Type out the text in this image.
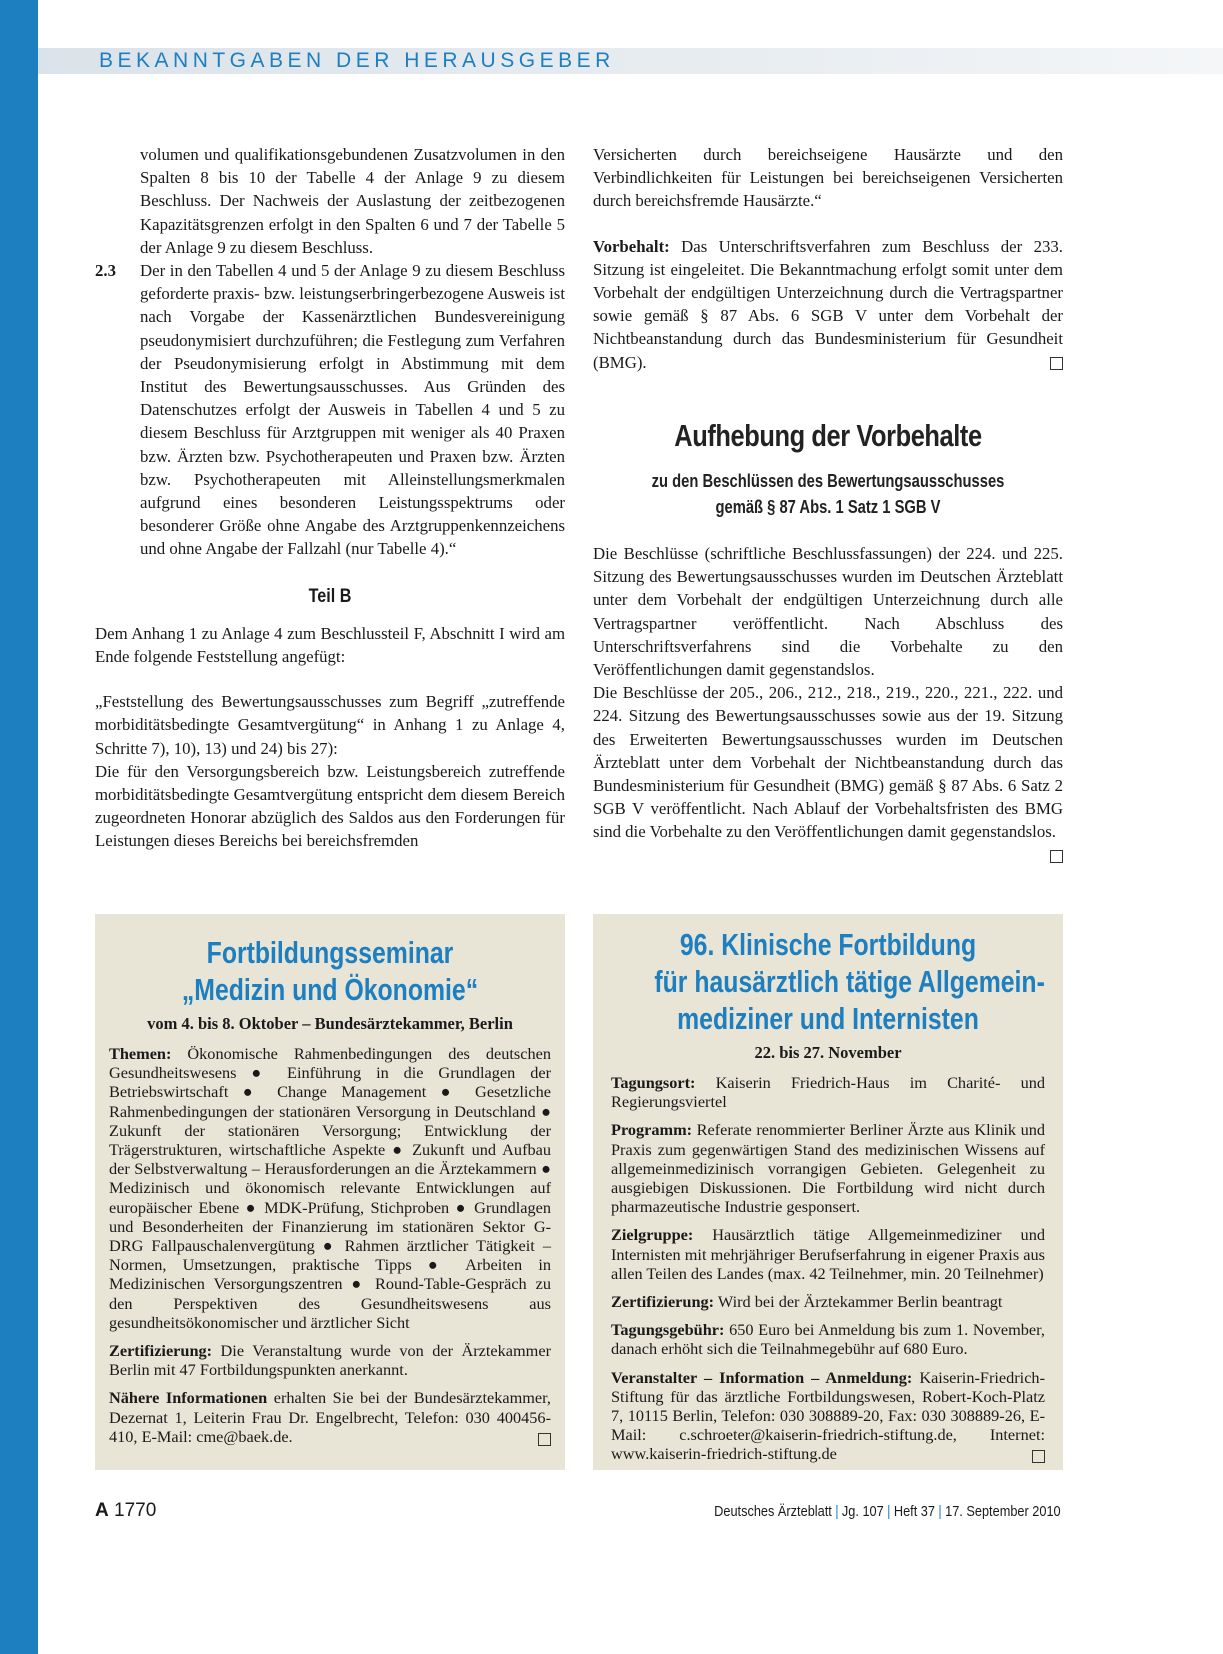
BEKANNTGABEN DER HERAUSGEBER

volumen und qualifikationsgebundenen Zusatzvolumen in den Spalten 8 bis 10 der Tabelle 4 der Anlage 9 zu diesem Beschluss. Der Nachweis der Auslastung der zeitbezogenen Kapazitätsgrenzen erfolgt in den Spalten 6 und 7 der Tabelle 5 der Anlage 9 zu diesem Beschluss.

2.3 Der in den Tabellen 4 und 5 der Anlage 9 zu diesem Beschluss geforderte praxis- bzw. leistungserbringerbezogene Ausweis ist nach Vorgabe der Kassenärztlichen Bundesvereinigung pseudonymisiert durchzuführen; die Festlegung zum Verfahren der Pseudonymisierung erfolgt in Abstimmung mit dem Institut des Bewertungsausschusses. Aus Gründen des Datenschutzes erfolgt der Ausweis in Tabellen 4 und 5 zu diesem Beschluss für Arztgruppen mit weniger als 40 Praxen bzw. Ärzten bzw. Psychotherapeuten und Praxen bzw. Ärzten bzw. Psychotherapeuten mit Alleinstellungsmerkmalen aufgrund eines besonderen Leistungsspektrums oder besonderer Größe ohne Angabe des Arztgruppenkennzeichens und ohne Angabe der Fallzahl (nur Tabelle 4).“

Teil B

Dem Anhang 1 zu Anlage 4 zum Beschlussteil F, Abschnitt I wird am Ende folgende Feststellung angefügt:

„Feststellung des Bewertungsausschusses zum Begriff „zutreffende morbiditätsbedingte Gesamtvergütung“ in Anhang 1 zu Anlage 4, Schritte 7), 10), 13) und 24) bis 27):

Die für den Versorgungsbereich bzw. Leistungsbereich zutreffende morbiditätsbedingte Gesamtvergütung entspricht dem diesem Bereich zugeordneten Honorar abzüglich des Saldos aus den Forderungen für Leistungen dieses Bereichs bei bereichsfremden

Versicherten durch bereichseigene Hausärzte und den Verbindlichkeiten für Leistungen bei bereichseigenen Versicherten durch bereichsfremde Hausärzte.“

Vorbehalt: Das Unterschriftsverfahren zum Beschluss der 233. Sitzung ist eingeleitet. Die Bekanntmachung erfolgt somit unter dem Vorbehalt der endgültigen Unterzeichnung durch die Vertragspartner sowie gemäß § 87 Abs. 6 SGB V unter dem Vorbehalt der Nichtbeanstandung durch das Bundesministerium für Gesundheit (BMG).

Aufhebung der Vorbehalte
zu den Beschlüssen des Bewertungsausschusses
gemäß § 87 Abs. 1 Satz 1 SGB V

Die Beschlüsse (schriftliche Beschlussfassungen) der 224. und 225. Sitzung des Bewertungsausschusses wurden im Deutschen Ärzteblatt unter dem Vorbehalt der endgültigen Unterzeichnung durch alle Vertragspartner veröffentlicht. Nach Abschluss des Unterschriftsverfahrens sind die Vorbehalte zu den Veröffentlichungen damit gegenstandslos.

Die Beschlüsse der 205., 206., 212., 218., 219., 220., 221., 222. und 224. Sitzung des Bewertungsausschusses sowie aus der 19. Sitzung des Erweiterten Bewertungsausschusses wurden im Deutschen Ärzteblatt unter dem Vorbehalt der Nichtbeanstandung durch das Bundesministerium für Gesundheit (BMG) gemäß § 87 Abs. 6 Satz 2 SGB V veröffentlicht. Nach Ablauf der Vorbehaltsfristen des BMG sind die Vorbehalte zu den Veröffentlichungen damit gegenstandslos.

Fortbildungsseminar
„Medizin und Ökonomie“
vom 4. bis 8. Oktober – Bundesärztekammer, Berlin

Themen: Ökonomische Rahmenbedingungen des deutschen Gesundheitswesens ● Einführung in die Grundlagen der Betriebswirtschaft ● Change Management ● Gesetzliche Rahmenbedingungen der stationären Versorgung in Deutschland ● Zukunft der stationären Versorgung; Entwicklung der Trägerstrukturen, wirtschaftliche Aspekte ● Zukunft und Aufbau der Selbstverwaltung – Herausforderungen an die Ärztekammern ● Medizinisch und ökonomisch relevante Entwicklungen auf europäischer Ebene ● MDK-Prüfung, Stichproben ● Grundlagen und Besonderheiten der Finanzierung im stationären Sektor G-DRG Fallpauschalenvergütung ● Rahmen ärztlicher Tätigkeit – Normen, Umsetzungen, praktische Tipps ● Arbeiten in Medizinischen Versorgungszentren ● Round-Table-Gespräch zu den Perspektiven des Gesundheitswesens aus gesundheitsökonomischer und ärztlicher Sicht

Zertifizierung: Die Veranstaltung wurde von der Ärztekammer Berlin mit 47 Fortbildungspunkten anerkannt.

Nähere Informationen erhalten Sie bei der Bundesärztekammer, Dezernat 1, Leiterin Frau Dr. Engelbrecht, Telefon: 030 400456-410, E-Mail: cme@baek.de.

96. Klinische Fortbildung
für hausärztlich tätige Allgemein-
mediziner und Internisten
22. bis 27. November

Tagungsort: Kaiserin Friedrich-Haus im Charité- und Regierungsviertel

Programm: Referate renommierter Berliner Ärzte aus Klinik und Praxis zum gegenwärtigen Stand des medizinischen Wissens auf allgemeinmedizinisch vorrangigen Gebieten. Gelegenheit zu ausgiebigen Diskussionen. Die Fortbildung wird nicht durch pharmazeutische Industrie gesponsert.

Zielgruppe: Hausärztlich tätige Allgemeinmediziner und Internisten mit mehrjähriger Berufserfahrung in eigener Praxis aus allen Teilen des Landes (max. 42 Teilnehmer, min. 20 Teilnehmer)

Zertifizierung: Wird bei der Ärztekammer Berlin beantragt

Tagungsgebühr: 650 Euro bei Anmeldung bis zum 1. November, danach erhöht sich die Teilnahmegebühr auf 680 Euro.

Veranstalter – Information – Anmeldung: Kaiserin-Friedrich-Stiftung für das ärztliche Fortbildungswesen, Robert-Koch-Platz 7, 10115 Berlin, Telefon: 030 308889-20, Fax: 030 308889-26, E-Mail: c.schroeter@kaiserin-friedrich-stiftung.de, Internet: www.kaiserin-friedrich-stiftung.de

A 1770	Deutsches Ärzteblatt | Jg. 107 | Heft 37 | 17. September 2010
